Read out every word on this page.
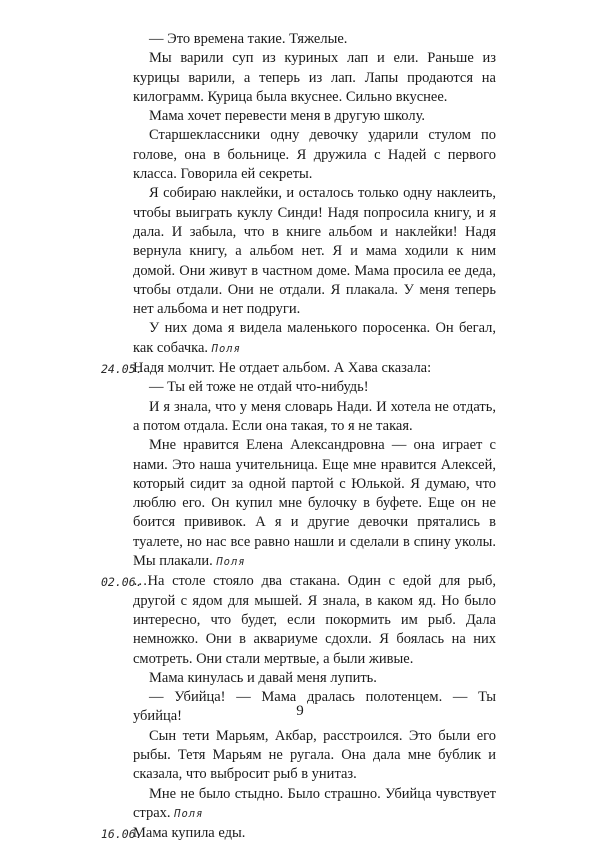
— Это времена такие. Тяжелые.

Мы варили суп из куриных лап и ели. Раньше из курицы варили, а теперь из лап. Лапы продаются на килограмм. Курица была вкуснее. Сильно вкуснее.

Мама хочет перевести меня в другую школу.

Старшеклассники одну девочку ударили стулом по голове, она в больнице. Я дружила с Надей с первого класса. Говорила ей секреты.

Я собираю наклейки, и осталось только одну наклеить, чтобы выиграть куклу Синди! Надя попросила книгу, и я дала. И забыла, что в книге альбом и наклейки! Надя вернула книгу, а альбом нет. Я и мама ходили к ним домой. Они живут в частном доме. Мама просила ее деда, чтобы отдали. Они не отдали. Я плакала. У меня теперь нет альбома и нет подруги.

У них дома я видела маленького поросенка. Он бегал, как собачка. Поля

24.05.
Надя молчит. Не отдает альбом. А Хава сказала:

— Ты ей тоже не отдай что-нибудь!

И я знала, что у меня словарь Нади. И хотела не отдать, а потом отдала. Если она такая, то я не такая.

Мне нравится Елена Александровна — она играет с нами. Это наша учительница. Еще мне нравится Алексей, который сидит за одной партой с Юлькой. Я думаю, что люблю его. Он купил мне булочку в буфете. Еще он не боится прививок. А я и другие девочки прятались в туалете, но нас все равно нашли и сделали в спину уколы. Мы плакали. Поля

02.06.
…На столе стояло два стакана. Один с едой для рыб, другой с ядом для мышей. Я знала, в каком яд. Но было интересно, что будет, если покормить им рыб. Дала немножко. Они в аквариуме сдохли. Я боялась на них смотреть. Они стали мертвые, а были живые.

Мама кинулась и давай меня лупить.

— Убийца! — Мама дралась полотенцем. — Ты убийца!

Сын тети Марьям, Акбар, расстроился. Это были его рыбы. Тетя Марьям не ругала. Она дала мне бублик и сказала, что выбросит рыб в унитаз.

Мне не было стыдно. Было страшно. Убийца чувствует страх. Поля

16.06.
Мама купила еды.

9
